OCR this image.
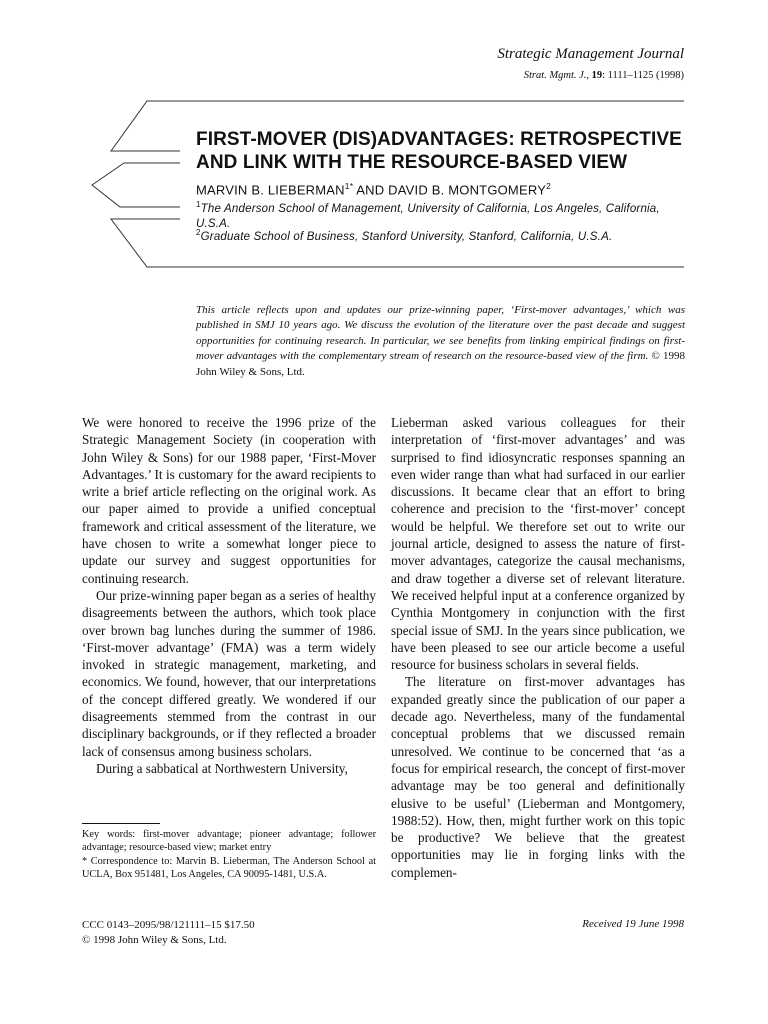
Strategic Management Journal
Strat. Mgmt. J., 19: 1111–1125 (1998)
FIRST-MOVER (DIS)ADVANTAGES: RETROSPECTIVE
AND LINK WITH THE RESOURCE-BASED VIEW
MARVIN B. $LIEBERMAN^{1*}$ AND DAVID B. MONTGOMERY$^2$
$^1$The Anderson School of Management, University of California, Los Angeles, California, U.S.A.
$^2$Graduate School of Business, Stanford University, Stanford, California, U.S.A.
This article reflects upon and updates our prize-winning paper, ‘First-mover advantages,’ which was published in SMJ 10 years ago. We discuss the evolution of the literature over the past decade and suggest opportunities for continuing research. In particular, we see benefits from linking empirical findings on first-mover advantages with the complementary stream of research on the resource-based view of the firm. © 1998 John Wiley & Sons, Ltd.

We were honored to receive the 1996 prize of the Strategic Management Society (in cooperation with John Wiley & Sons) for our 1988 paper, ‘First-Mover Advantages.’ It is customary for the award recipients to write a brief article reflecting on the original work. As our paper aimed to provide a unified conceptual framework and critical assessment of the literature, we have chosen to write a somewhat longer piece to update our survey and suggest opportunities for continuing research.

Our prize-winning paper began as a series of healthy disagreements between the authors, which took place over brown bag lunches during the summer of 1986. ‘First-mover advantage’ (FMA) was a term widely invoked in strategic management, marketing, and economics. We found, however, that our interpretations of the concept differed greatly. We wondered if our disagreements stemmed from the contrast in our disciplinary backgrounds, or if they reflected a broader lack of consensus among business scholars.

During a sabbatical at Northwestern University,

Lieberman asked various colleagues for their interpretation of ‘first-mover advantages’ and was surprised to find idiosyncratic responses spanning an even wider range than what had surfaced in our earlier discussions. It became clear that an effort to bring coherence and precision to the ‘first-mover’ concept would be helpful. We therefore set out to write our journal article, designed to assess the nature of first-mover advantages, categorize the causal mechanisms, and draw together a diverse set of relevant literature. We received helpful input at a conference organized by Cynthia Montgomery in conjunction with the first special issue of SMJ. In the years since publication, we have been pleased to see our article become a useful resource for business scholars in several fields.

The literature on first-mover advantages has expanded greatly since the publication of our paper a decade ago. Nevertheless, many of the fundamental conceptual problems that we discussed remain unresolved. We continue to be concerned that ‘as a focus for empirical research, the concept of first-mover advantage may be too general and definitionally elusive to be useful’ (Lieberman and Montgomery, 1988:52). How, then, might further work on this topic be productive? We believe that the greatest opportunities may lie in forging links with the complemen-

Key words: first-mover advantage; pioneer advantage; follower advantage; resource-based view; market entry

* Correspondence to: Marvin B. Lieberman, The Anderson School at UCLA, Box 951481, Los Angeles, CA 90095-1481, U.S.A.

CCC 0143–2095/98/121111–15 $17.50
© 1998 John Wiley & Sons, Ltd.
Received 19 June 1998
